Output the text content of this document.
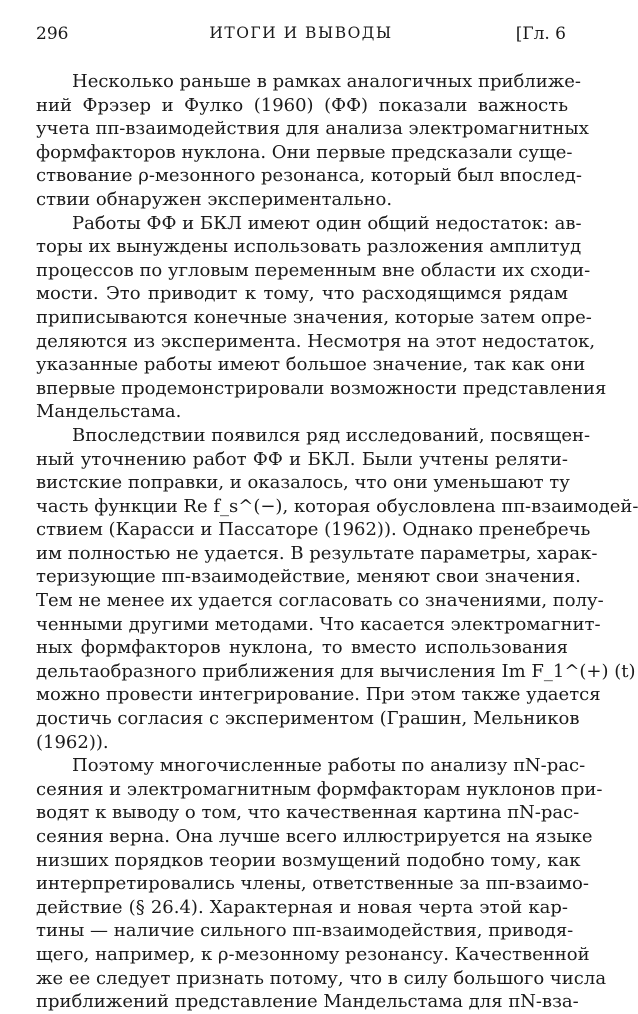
296	ИТОГИ И ВЫВОДЫ	[Гл. 6

Несколько раньше в рамках аналогичных приближе-
ний Фрэзер и Фулко (1960) (ФФ) показали важность
учета ππ-взаимодействия для анализа электромагнитных
формфакторов нуклона. Они первые предсказали суще-
ствование ρ-мезонного резонанса, который был впослед-
ствии обнаружен экспериментально.

Работы ФФ и БКЛ имеют один общий недостаток: ав-
торы их вынуждены использовать разложения амплитуд
процессов по угловым переменным вне области их сходи-
мости. Это приводит к тому, что расходящимся рядам
приписываются конечные значения, которые затем опре-
деляются из эксперимента. Несмотря на этот недостаток,
указанные работы имеют большое значение, так как они
впервые продемонстрировали возможности представления
Мандельстама.

Впоследствии появился ряд исследований, посвящен-
ный уточнению работ ФФ и БКЛ. Были учтены реляти-
вистские поправки, и оказалось, что они уменьшают ту
часть функции Re f_s^(−), которая обусловлена ππ-взаимодей-
ствием (Карасси и Пассаторе (1962)). Однако пренебречь
им полностью не удается. В результате параметры, харак-
теризующие ππ-взаимодействие, меняют свои значения.
Тем не менее их удается согласовать со значениями, полу-
ченными другими методами. Что касается электромагнит-
ных формфакторов нуклона, то вместо использования
дельтаобразного приближения для вычисления Im F_1^(+) (t)
можно провести интегрирование. При этом также удается
достичь согласия с экспериментом (Грашин, Мельников
(1962)).

Поэтому многочисленные работы по анализу πN-рас-
сеяния и электромагнитным формфакторам нуклонов при-
водят к выводу о том, что качественная картина πN-рас-
сеяния верна. Она лучше всего иллюстрируется на языке
низших порядков теории возмущений подобно тому, как
интерпретировались члены, ответственные за ππ-взаимо-
действие (§ 26.4). Характерная и новая черта этой кар-
тины — наличие сильного ππ-взаимодействия, приводя-
щего, например, к ρ-мезонному резонансу. Качественной
же ее следует признать потому, что в силу большого числа
приближений представление Мандельстама для πN-вза-
